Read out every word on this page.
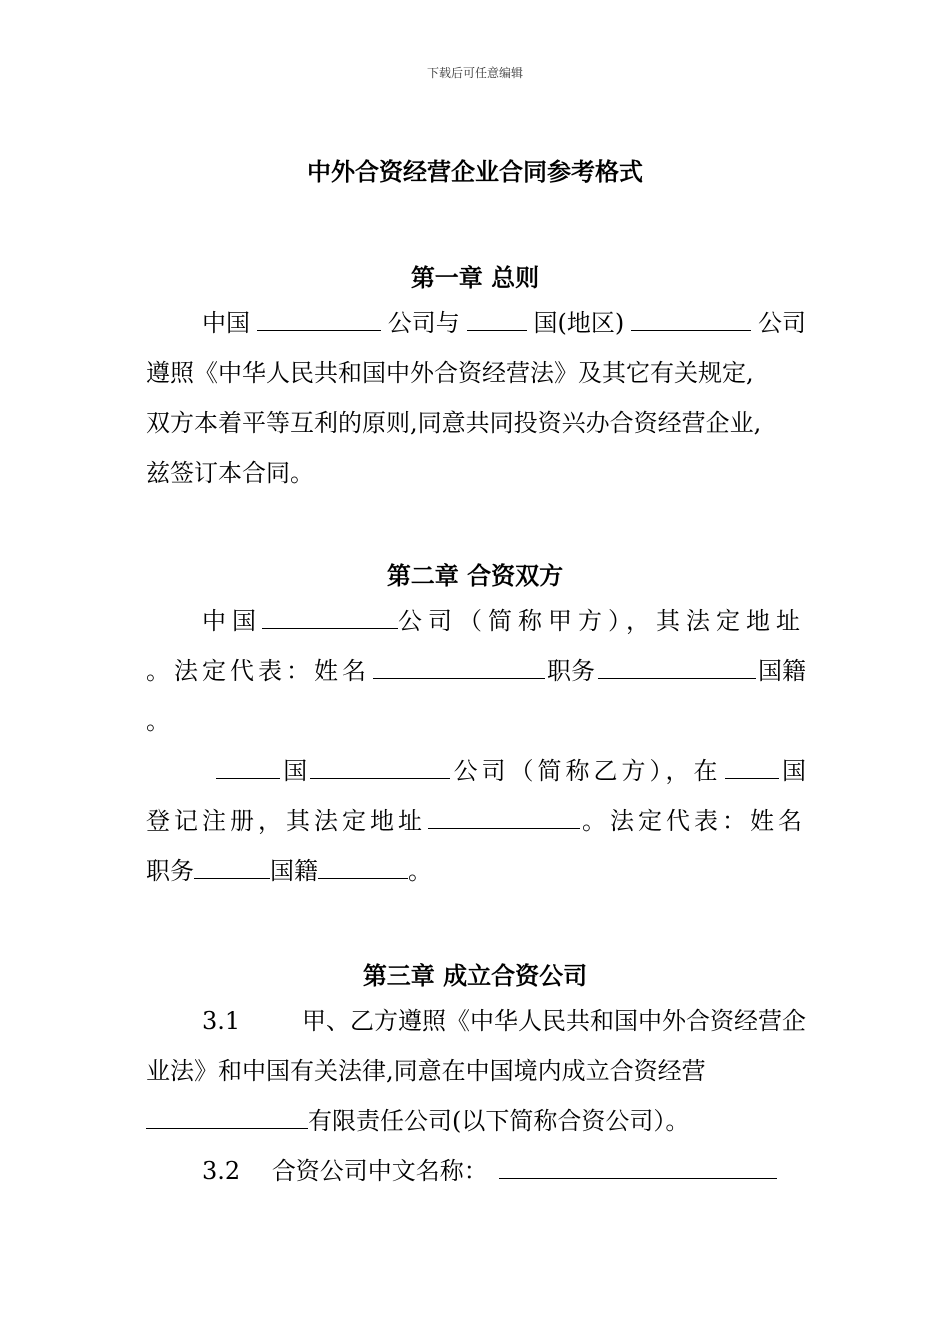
下载后可任意编辑
中外合资经营企业合同参考格式
第一章 总则
中国	公司与	国(地区)	公司
遵照《中华人民共和国中外合资经营法》及其它有关规定,
双方本着平等互利的原则,同意共同投资兴办合资经营企业,
兹签订本合同。
第二章 合资双方
中国	公司（简称甲方），其法定地址
。法定代表：姓名	职务	国籍
。
国	公司（简称乙方），在	国
登记注册，其法定地址	。法定代表：姓名
职务	国籍	。
第三章 成立合资公司
3.1	甲、乙方遵照《中华人民共和国中外合资经营企
业法》和中国有关法律,同意在中国境内成立合资经营
有限责任公司(以下简称合资公司）。
3.2 合资公司中文名称：
